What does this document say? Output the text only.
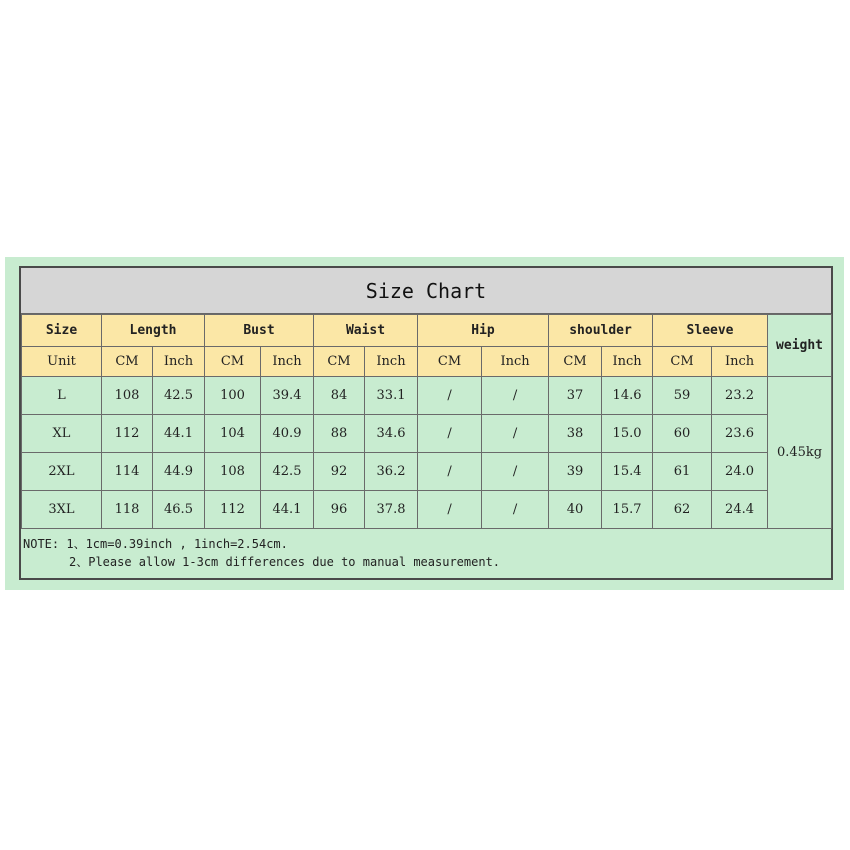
Size Chart
Size	Length		Bust		Waist		Hip		shoulder		Sleeve		weight
Unit	CM	Inch	CM	Inch	CM	Inch	CM	Inch	CM	Inch	CM	Inch	
L	108	42.5	100	39.4	84	33.1	/	/	37	14.6	59	23.2	0.45kg
XL	112	44.1	104	40.9	88	34.6	/	/	38	15.0	60	23.6	
2XL	114	44.9	108	42.5	92	36.2	/	/	39	15.4	61	24.0	
3XL	118	46.5	112	44.1	96	37.8	/	/	40	15.7	62	24.4	
NOTE: 1、1cm=0.39inch , 1inch=2.54cm.
2、Please allow 1-3cm differences due to manual measurement.
